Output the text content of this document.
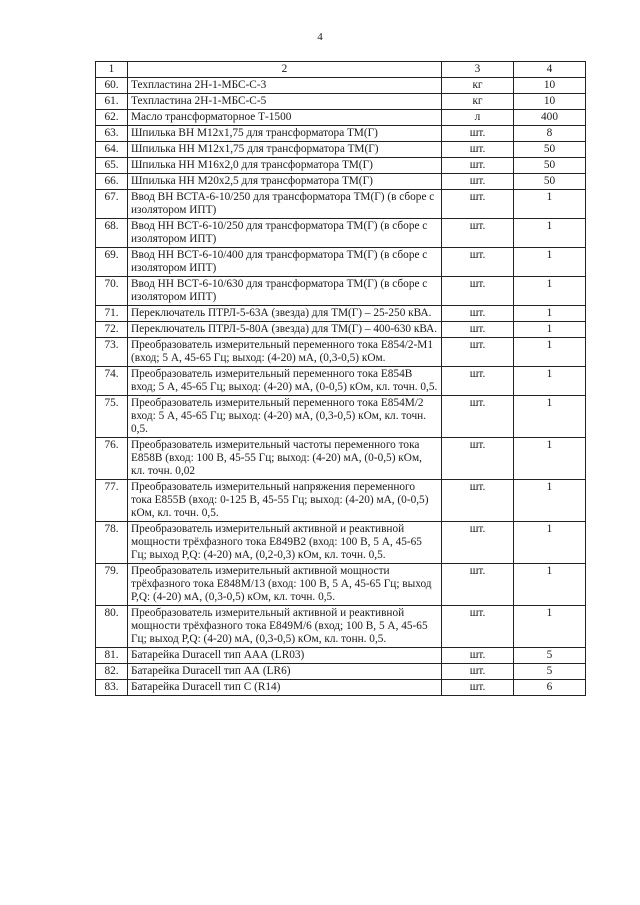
4
1	2	3	4
60.	Техпластина 2Н-1-МБС-С-3	кг	10
61.	Техпластина 2Н-1-МБС-С-5	кг	10
62.	Масло трансформаторное Т-1500	л	400
63.	Шпилька ВН М12х1,75 для трансформатора ТМ(Г)	шт.	8
64.	Шпилька НН М12х1,75 для трансформатора ТМ(Г)	шт.	50
65.	Шпилька НН М16х2,0 для трансформатора ТМ(Г)	шт.	50
66.	Шпилька НН М20х2,5 для трансформатора ТМ(Г)	шт.	50
67.	Ввод ВН ВСТА-6-10/250 для трансформатора ТМ(Г) (в сборе с изолятором ИПТ)	шт.	1
68.	Ввод НН ВСТ-6-10/250 для трансформатора ТМ(Г) (в сборе с изолятором ИПТ)	шт.	1
69.	Ввод НН ВСТ-6-10/400 для трансформатора ТМ(Г) (в сборе с изолятором ИПТ)	шт.	1
70.	Ввод НН ВСТ-6-10/630 для трансформатора ТМ(Г) (в сборе с изолятором ИПТ)	шт.	1
71.	Переключатель ПТРЛ-5-63А (звезда) для ТМ(Г) – 25-250 кВА.	шт.	1
72.	Переключатель ПТРЛ-5-80А (звезда) для ТМ(Г) – 400-630 кВА.	шт.	1
73.	Преобразователь измерительный переменного тока Е854/2-М1 (вход; 5 А, 45-65 Гц; выход: (4-20) мА, (0,3-0,5) кОм.	шт.	1
74.	Преобразователь измерительный переменного тока Е854В вход; 5 А, 45-65 Гц; выход: (4-20) мА, (0-0,5) кОм, кл. точн. 0,5.	шт.	1
75.	Преобразователь измерительный переменного тока Е854М/2 вход: 5 А, 45-65 Гц; выход: (4-20) мА, (0,3-0,5) кОм, кл. точн. 0,5.	шт.	1
76.	Преобразователь измерительный частоты переменного тока Е858В (вход: 100 В, 45-55 Гц; выход: (4-20) мА, (0-0,5) кОм, кл. точн. 0,02	шт.	1
77.	Преобразователь измерительный напряжения переменного тока Е855В (вход: 0-125 В, 45-55 Гц; выход: (4-20) мА, (0-0,5) кОм, кл. точн. 0,5.	шт.	1
78.	Преобразователь измерительный активной и реактивной мощности трёхфазного тока Е849В2 (вход: 100 В, 5 А, 45-65 Гц; выход P,Q: (4-20) мА, (0,2-0,3) кОм, кл. точн. 0,5.	шт.	1
79.	Преобразователь измерительный активной мощности трёхфазного тока Е848М/13 (вход: 100 В, 5 А, 45-65 Гц; выход P,Q: (4-20) мА, (0,3-0,5) кОм, кл. точн. 0,5.	шт.	1
80.	Преобразователь измерительный активной и реактивной мощности трёхфазного тока Е849М/6 (вход; 100 В, 5 А, 45-65 Гц; выход P,Q: (4-20) мА, (0,3-0,5) кОм, кл. тонн. 0,5.	шт.	1
81.	Батарейка Duracell тип ААА (LR03)	шт.	5
82.	Батарейка Duracell тип АА (LR6)	шт.	5
83.	Батарейка Duracell тип С (R14)	шт.	6
